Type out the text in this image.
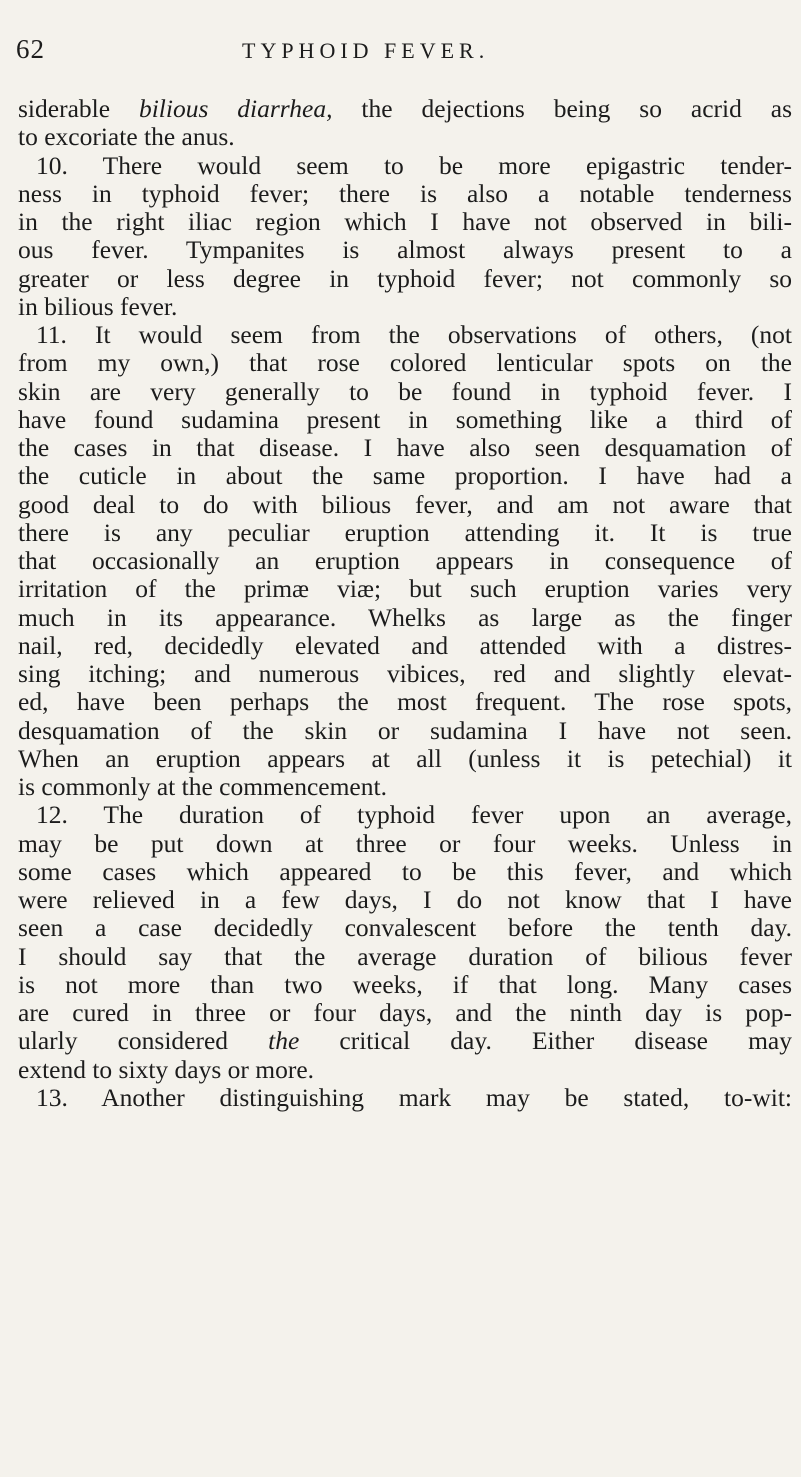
62	TYPHOID FEVER.
siderable bilious diarrhea, the dejections being so acrid as
to excoriate the anus.
10. There would seem to be more epigastric tender-
ness in typhoid fever; there is also a notable tenderness
in the right iliac region which I have not observed in bili-
ous fever. Tympanites is almost always present to a
greater or less degree in typhoid fever; not commonly so
in bilious fever.
11. It would seem from the observations of others, (not
from my own,) that rose colored lenticular spots on the
skin are very generally to be found in typhoid fever. I
have found sudamina present in something like a third of
the cases in that disease. I have also seen desquamation of
the cuticle in about the same proportion. I have had a
good deal to do with bilious fever, and am not aware that
there is any peculiar eruption attending it. It is true
that occasionally an eruption appears in consequence of
irritation of the primæ viæ; but such eruption varies very
much in its appearance. Whelks as large as the finger
nail, red, decidedly elevated and attended with a distres-
sing itching; and numerous vibices, red and slightly elevat-
ed, have been perhaps the most frequent. The rose spots,
desquamation of the skin or sudamina I have not seen.
When an eruption appears at all (unless it is petechial) it
is commonly at the commencement.
12. The duration of typhoid fever upon an average,
may be put down at three or four weeks. Unless in
some cases which appeared to be this fever, and which
were relieved in a few days, I do not know that I have
seen a case decidedly convalescent before the tenth day.
I should say that the average duration of bilious fever
is not more than two weeks, if that long. Many cases
are cured in three or four days, and the ninth day is pop-
ularly considered the critical day. Either disease may
extend to sixty days or more.
13. Another distinguishing mark may be stated, to-wit:
